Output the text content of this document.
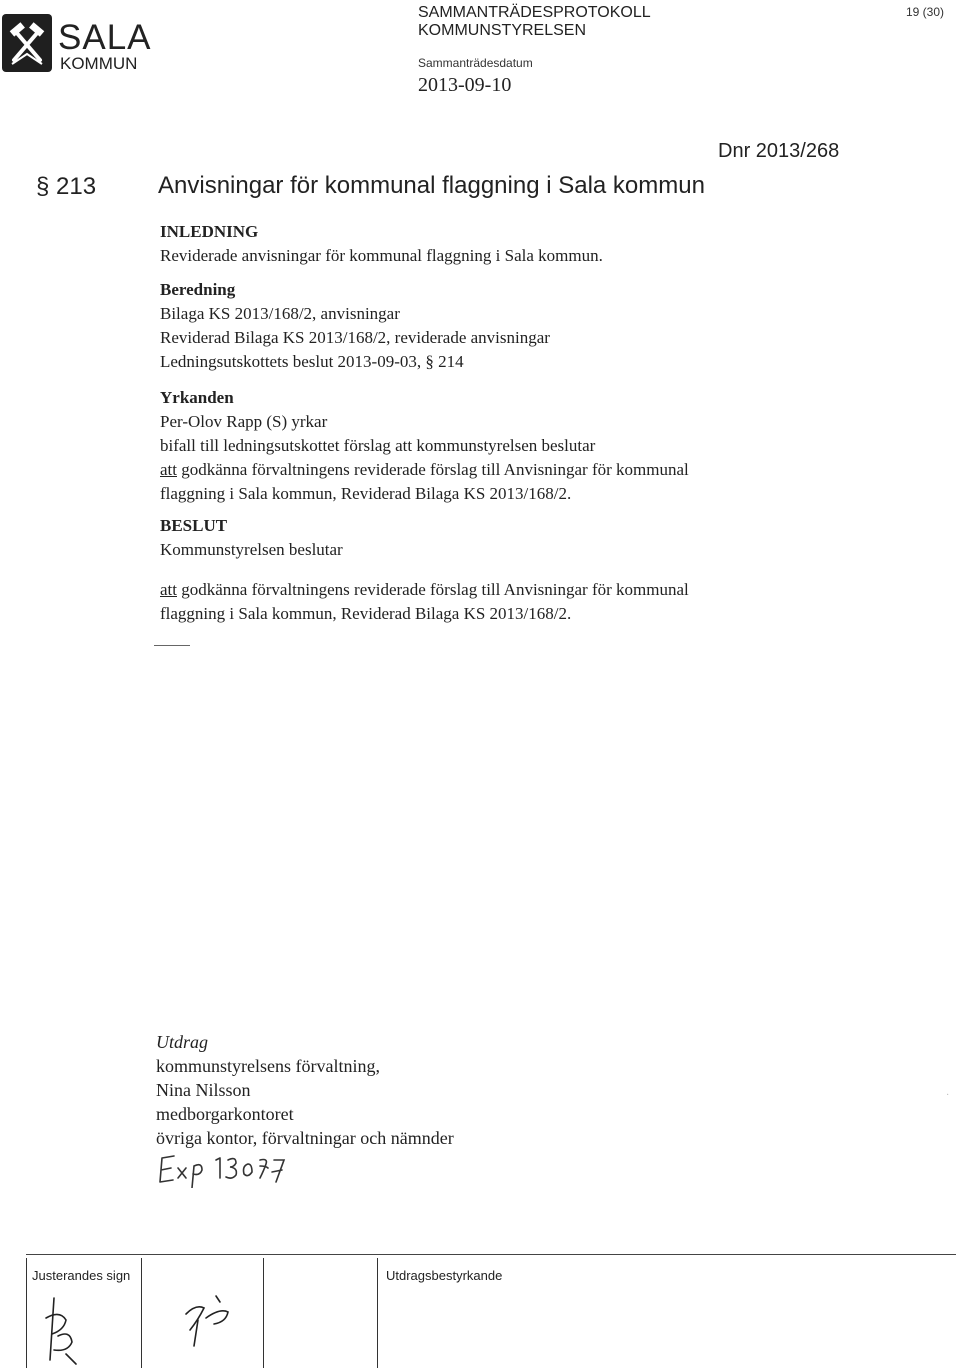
SALA
KOMMUN
SAMMANTRÄDESPROTOKOLL
KOMMUNSTYRELSEN
Sammanträdesdatum
2013-09-10
19 (30)
Dnr 2013/268
§ 213	Anvisningar för kommunal flaggning i Sala kommun
INLEDNING
Reviderade anvisningar för kommunal flaggning i Sala kommun.
Beredning
Bilaga KS 2013/168/2, anvisningar
Reviderad Bilaga KS 2013/168/2, reviderade anvisningar
Ledningsutskottets beslut 2013-09-03, § 214
Yrkanden
Per-Olov Rapp (S) yrkar
bifall till ledningsutskottet förslag att kommunstyrelsen beslutar
att godkänna förvaltningens reviderade förslag till Anvisningar för kommunal
flaggning i Sala kommun, Reviderad Bilaga KS 2013/168/2.
BESLUT
Kommunstyrelsen beslutar
att godkänna förvaltningens reviderade förslag till Anvisningar för kommunal
flaggning i Sala kommun, Reviderad Bilaga KS 2013/168/2.
Utdrag
kommunstyrelsens förvaltning,
Nina Nilsson
medborgarkontoret
övriga kontor, förvaltningar och nämnder
Justerandes sign	Utdragsbestyrkande
·
